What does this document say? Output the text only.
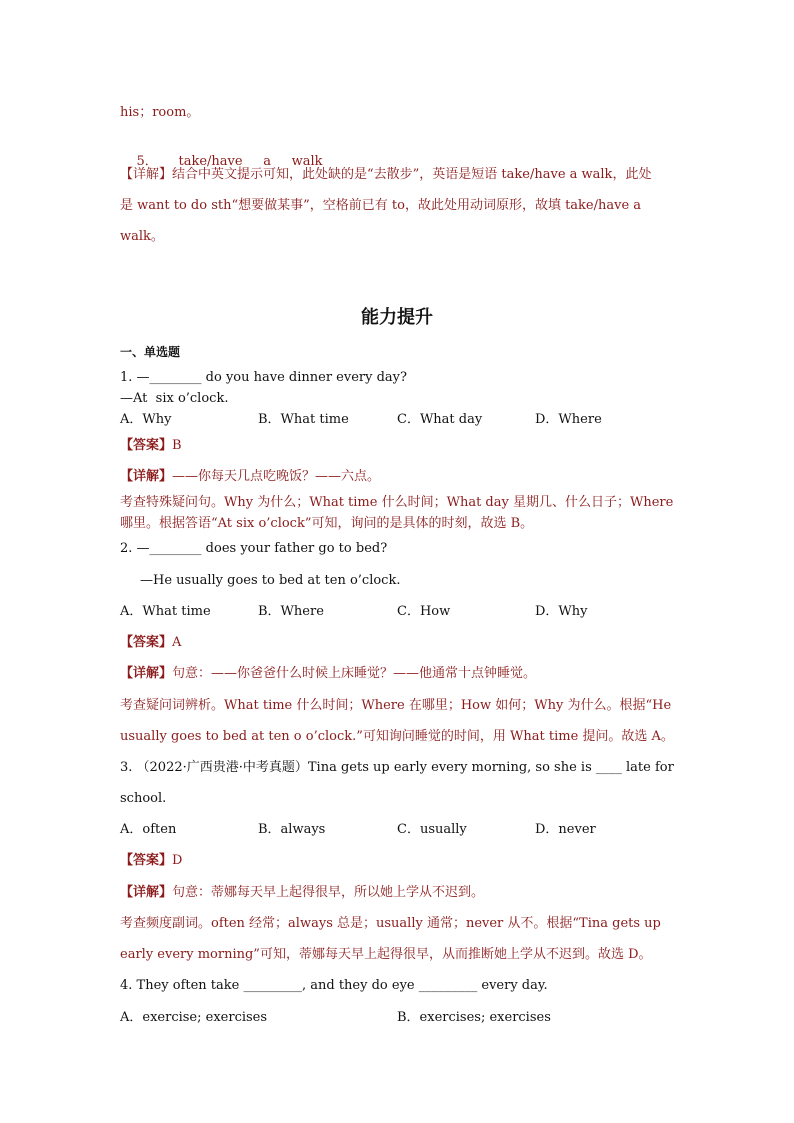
his；room。

5． take/have     a     walk

【详解】结合中英文提示可知，此处缺的是“去散步”，英语是短语 take/have a walk，此处
是 want to do sth“想要做某事”，空格前已有 to，故此处用动词原形，故填 take/have a
walk。
能力提升
一、单选题
1. —________ do you have dinner every day?
—At  six o’clock.
A．Why	B．What time	C．What day	D．Where
【答案】B
【详解】——你每天几点吃晚饭？——六点。
考查特殊疑问句。Why 为什么；What time 什么时间；What day 星期几、什么日子；Where
哪里。根据答语“At six o’clock”可知，询问的是具体的时刻，故选 B。
2. —________ does your father go to bed?
—He usually goes to bed at ten o’clock.
A．What time	B．Where	C．How	D．Why
【答案】A
【详解】句意：——你爸爸什么时候上床睡觉？——他通常十点钟睡觉。
考查疑问词辨析。What time 什么时间；Where 在哪里；How 如何；Why 为什么。根据“He
usually goes to bed at ten o o’clock.”可知询问睡觉的时间，用 What time 提问。故选 A。
3. （2022·广西贵港·中考真题）Tina gets up early every morning, so she is ____ late for
school.
A．often	B．always	C．usually	D．never
【答案】D
【详解】句意：蒂娜每天早上起得很早，所以她上学从不迟到。
考查频度副词。often 经常；always 总是；usually 通常；never 从不。根据“Tina gets up
early every morning”可知，蒂娜每天早上起得很早，从而推断她上学从不迟到。故选 D。
4. They often take _________, and they do eye _________ every day.
A．exercise; exercises	B．exercises; exercises
